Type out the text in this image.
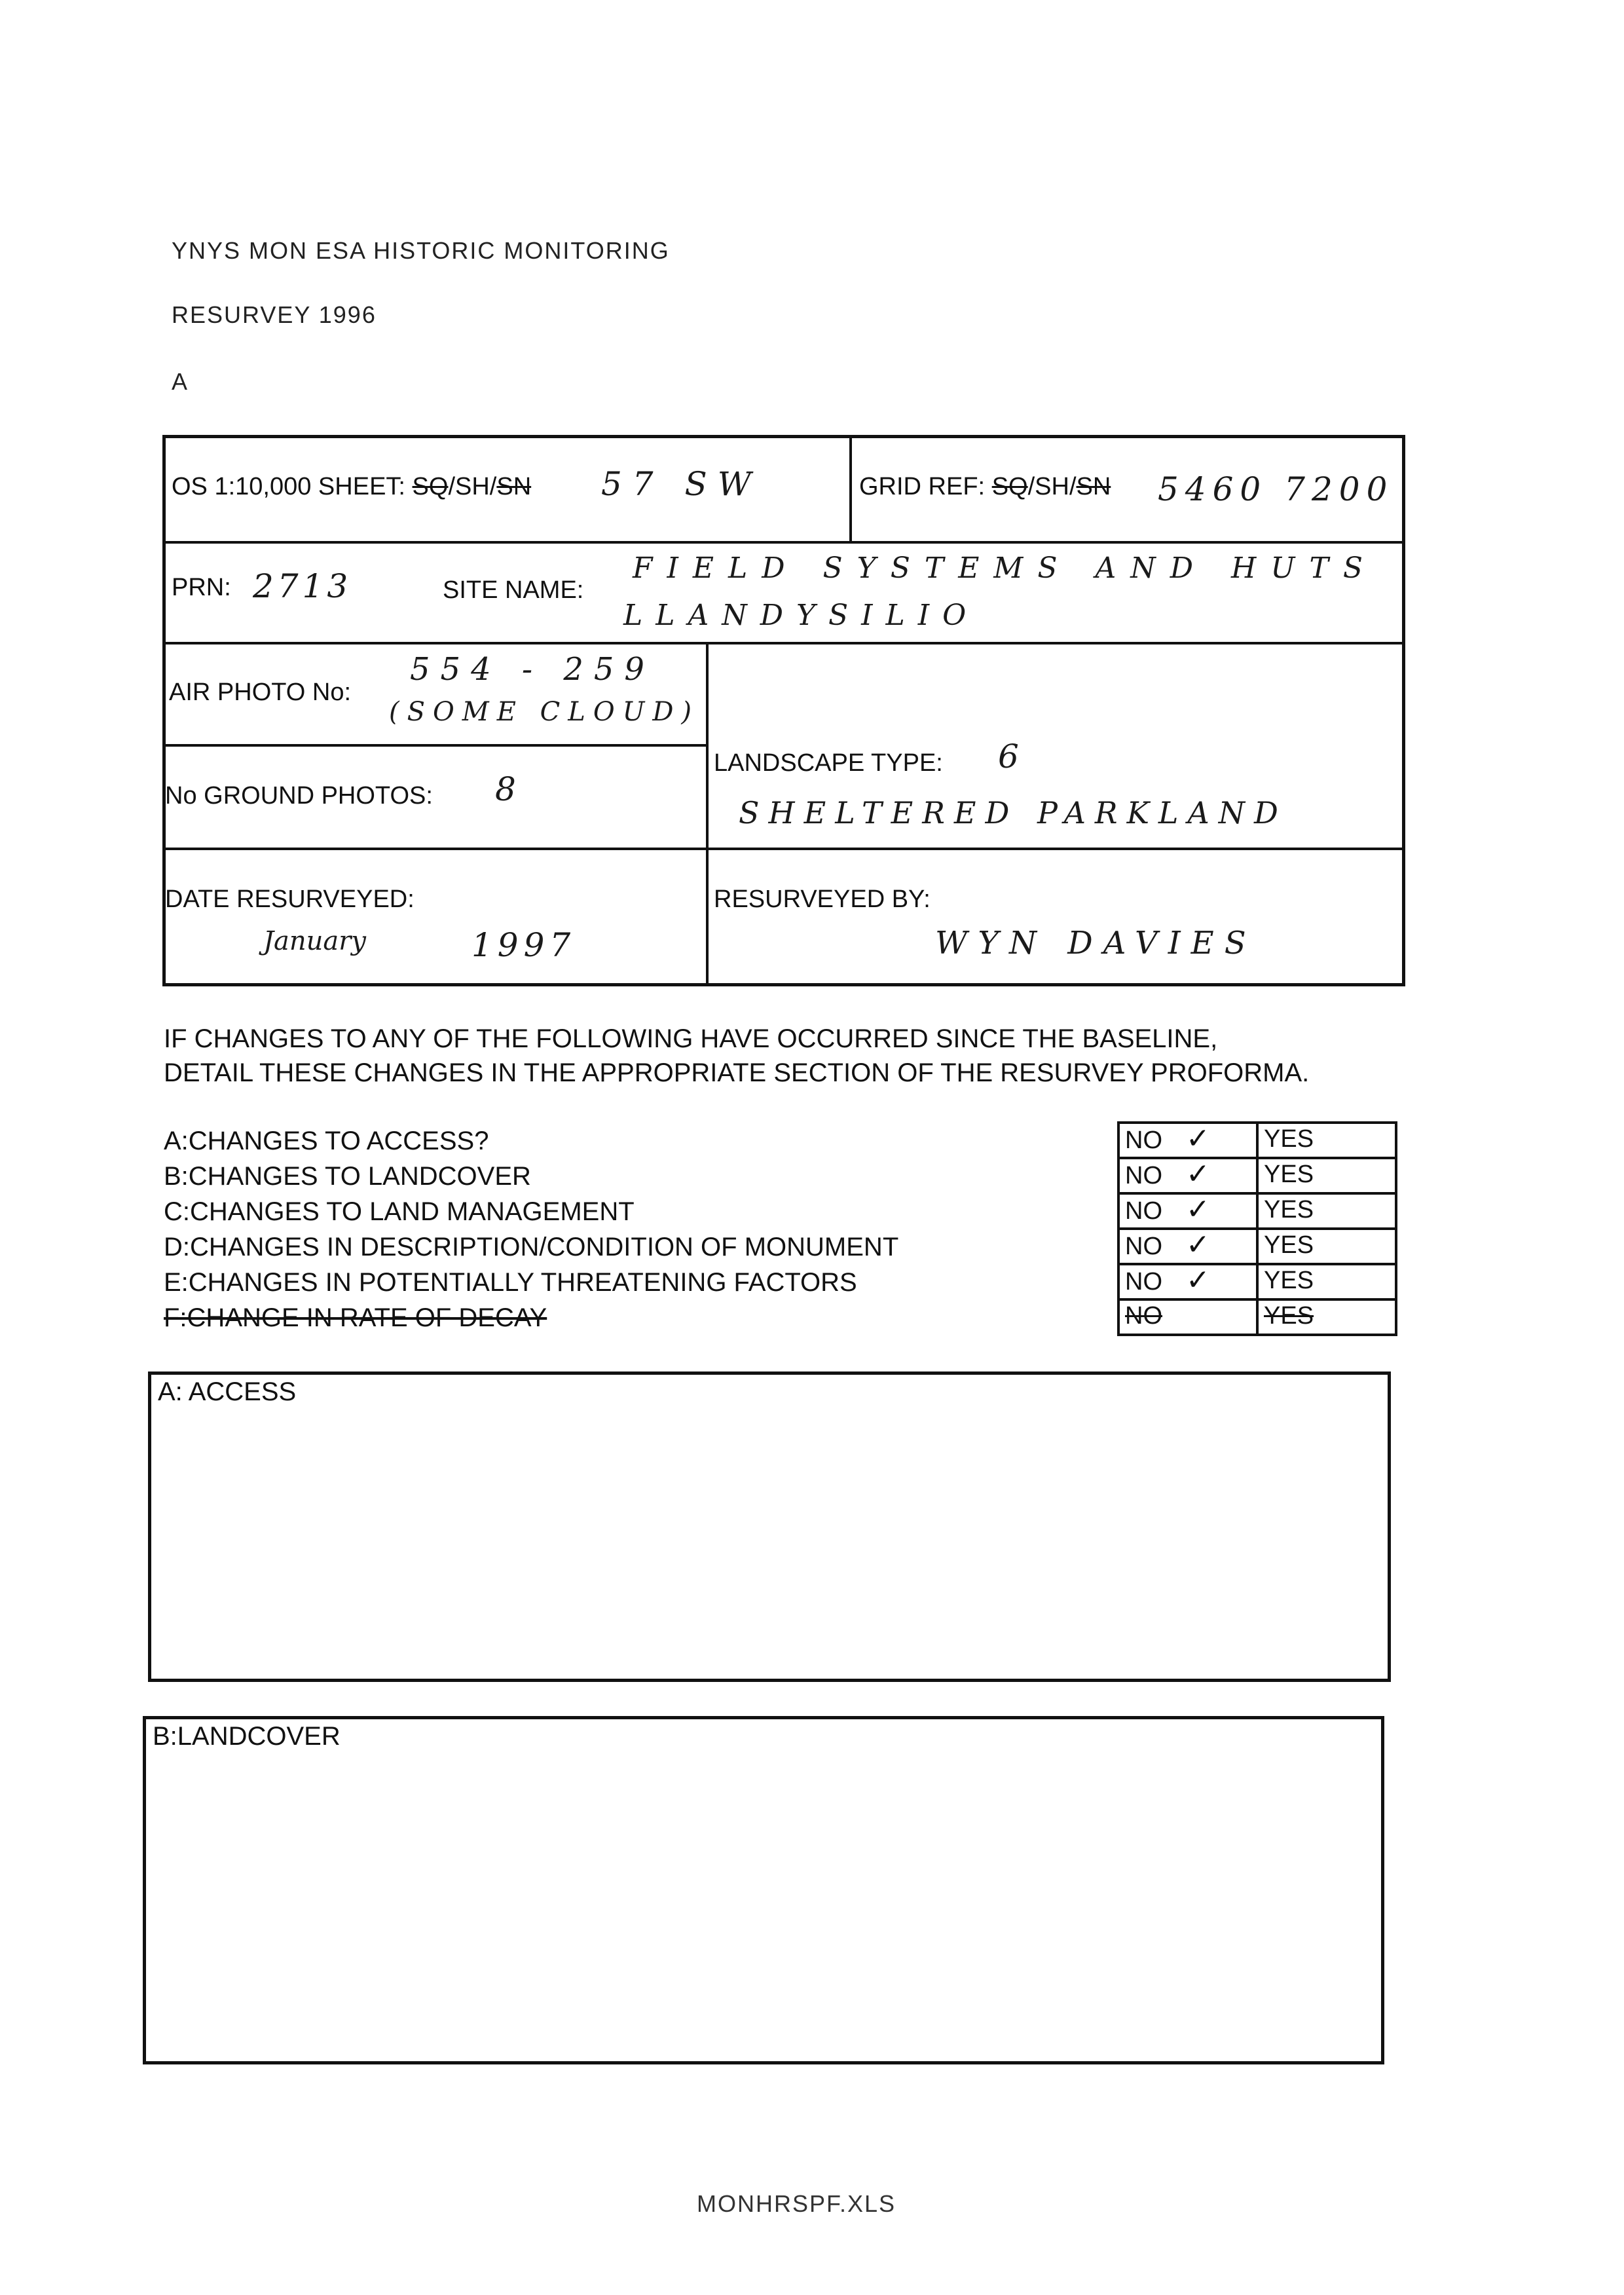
YNYS MON ESA HISTORIC MONITORING
RESURVEY 1996
A
OS 1:10,000 SHEET: SQ/SH/SN 57 SW	GRID REF: SQ/SH/SN 5460 7200
PRN: 2713	SITE NAME:
FIELD SYSTEMS AND HUTS
LLANDYSILIO
AIR PHOTO No:
554 - 259
(SOME CLOUD)
LANDSCAPE TYPE: 6
SHELTERED PARKLAND
No GROUND PHOTOS: 8
DATE RESURVEYED:
January	1997
RESURVEYED BY:
WYN DAVIES
IF CHANGES TO ANY OF THE FOLLOWING HAVE OCCURRED SINCE THE BASELINE,
DETAIL THESE CHANGES IN THE APPROPRIATE SECTION OF THE RESURVEY PROFORMA.
A:CHANGES TO ACCESS?
B:CHANGES TO LANDCOVER
C:CHANGES TO LAND MANAGEMENT
D:CHANGES IN DESCRIPTION/CONDITION OF MONUMENT
E:CHANGES IN POTENTIALLY THREATENING FACTORS
F:CHANGE IN RATE OF DECAY
NO ✓	YES
NO ✓	YES
NO ✓	YES
NO ✓	YES
NO ✓	YES
NO	YES
A: ACCESS
B:LANDCOVER
MONHRSPF.XLS
